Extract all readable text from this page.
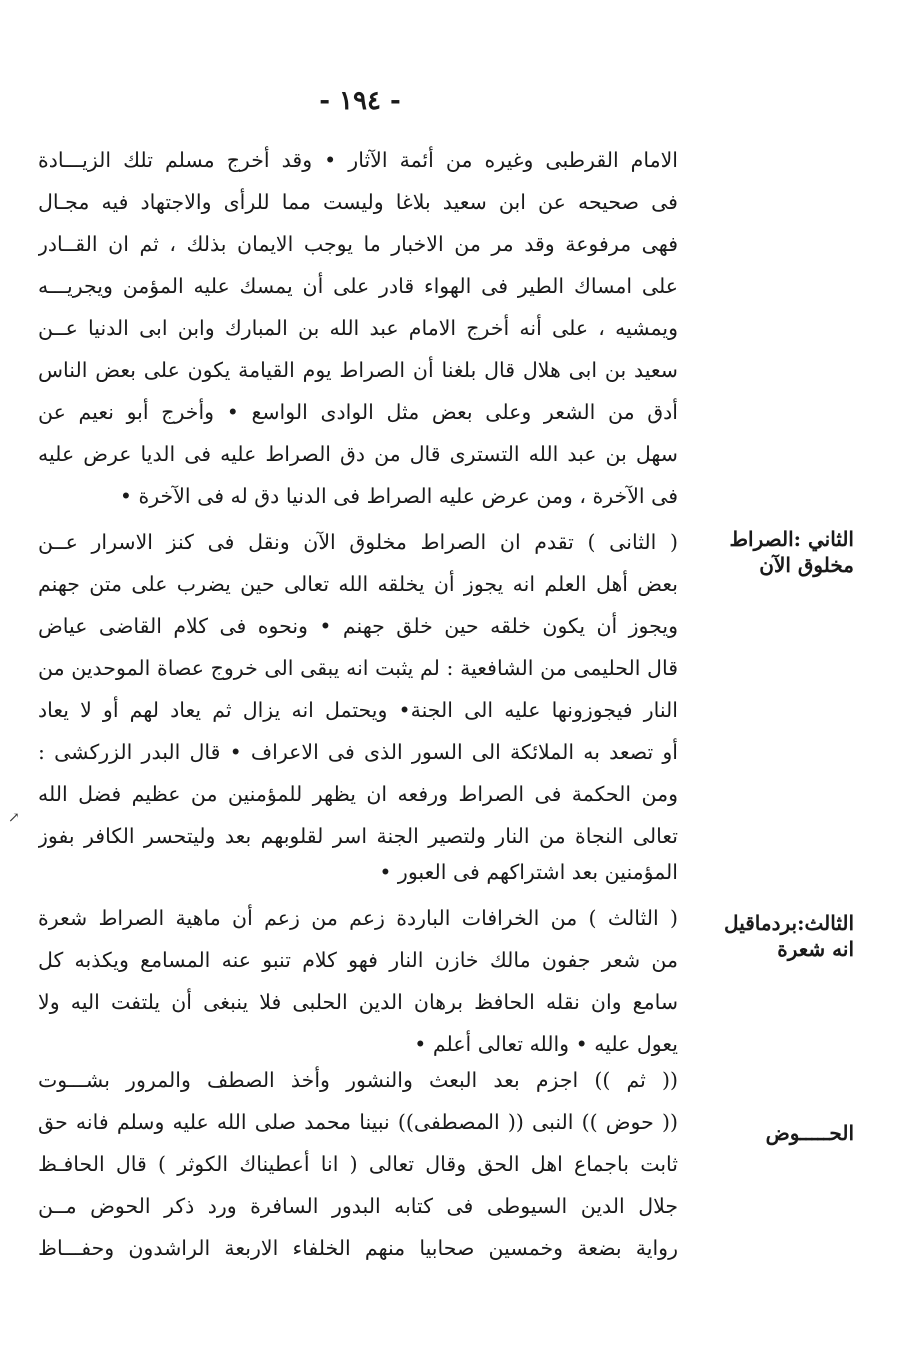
- ١٩٤ -
الامام القرطبى وغيره من أئمة الآثار • وقد أخرج مسلم تلك الزيـــادة
فى صحيحه عن ابن سعيد بلاغا وليست مما للرأى والاجتهاد فيه مجـال
فهى مرفوعة وقد مر من الاخبار ما يوجب الايمان بذلك ، ثم ان القــادر
على امساك الطير فى الهواء قادر على أن يمسك عليه المؤمن ويجريـــه
ويمشيه ، على أنه أخرج الامام عبد الله بن المبارك وابن ابى الدنيا عــن
سعيد بن ابى هلال قال بلغنا أن الصراط يوم القيامة يكون على بعض الناس
أدق من الشعر وعلى بعض مثل الوادى الواسع • وأخرج أبو نعيم عن
سهل بن عبد الله التسترى قال من دق الصراط عليه فى الديا عرض عليه
فى الآخرة ، ومن عرض عليه الصراط فى الدنيا دق له فى الآخرة •
الثاني :الصراط
مخلوق الآن
( الثانى ) تقدم ان الصراط مخلوق الآن ونقل فى كنز الاسرار عــن
بعض أهل العلم انه يجوز أن يخلقه الله تعالى حين يضرب على متن جهنم
ويجوز أن يكون خلقه حين خلق جهنم • ونحوه فى كلام القاضى عياض
قال الحليمى من الشافعية : لم يثبت انه يبقى الى خروج عصاة الموحدين من
النار فيجوزونها عليه الى الجنة• ويحتمل انه يزال ثم يعاد لهم أو لا يعاد
أو تصعد به الملائكة الى السور الذى فى الاعراف • قال البدر الزركشى :
ومن الحكمة فى الصراط ورفعه ان يظهر للمؤمنين من عظيم فضل الله
تعالى النجاة من النار ولتصير الجنة اسر لقلوبهم بعد وليتحسر الكافر بفوز
المؤمنين بعد اشتراكهم فى العبور •
↗
الثالث:بردماقيل
انه شعرة
( الثالث ) من الخرافات الباردة زعم من زعم أن ماهية الصراط شعرة
من شعر جفون مالك خازن النار فهو كلام تنبو عنه المسامع ويكذبه كل
سامع وان نقله الحافظ برهان الدين الحلبى فلا ينبغى أن يلتفت اليه ولا
يعول عليه • والله تعالى أعلم •
الحـــــوض
(( ثم )) اجزم بعد البعث والنشور وأخذ الصطف والمرور بشـــوت
(( حوض )) النبى (( المصطفى)) نبينا محمد صلى الله عليه وسلم فانه حق
ثابت باجماع اهل الحق وقال تعالى ( انا أعطيناك الكوثر ) قال الحافـظ
جلال الدين السيوطى فى كتابه البدور السافرة ورد ذكر الحوض مــن
رواية بضعة وخمسين صحابيا منهم الخلفاء الاربعة الراشدون وحفـــاظ
